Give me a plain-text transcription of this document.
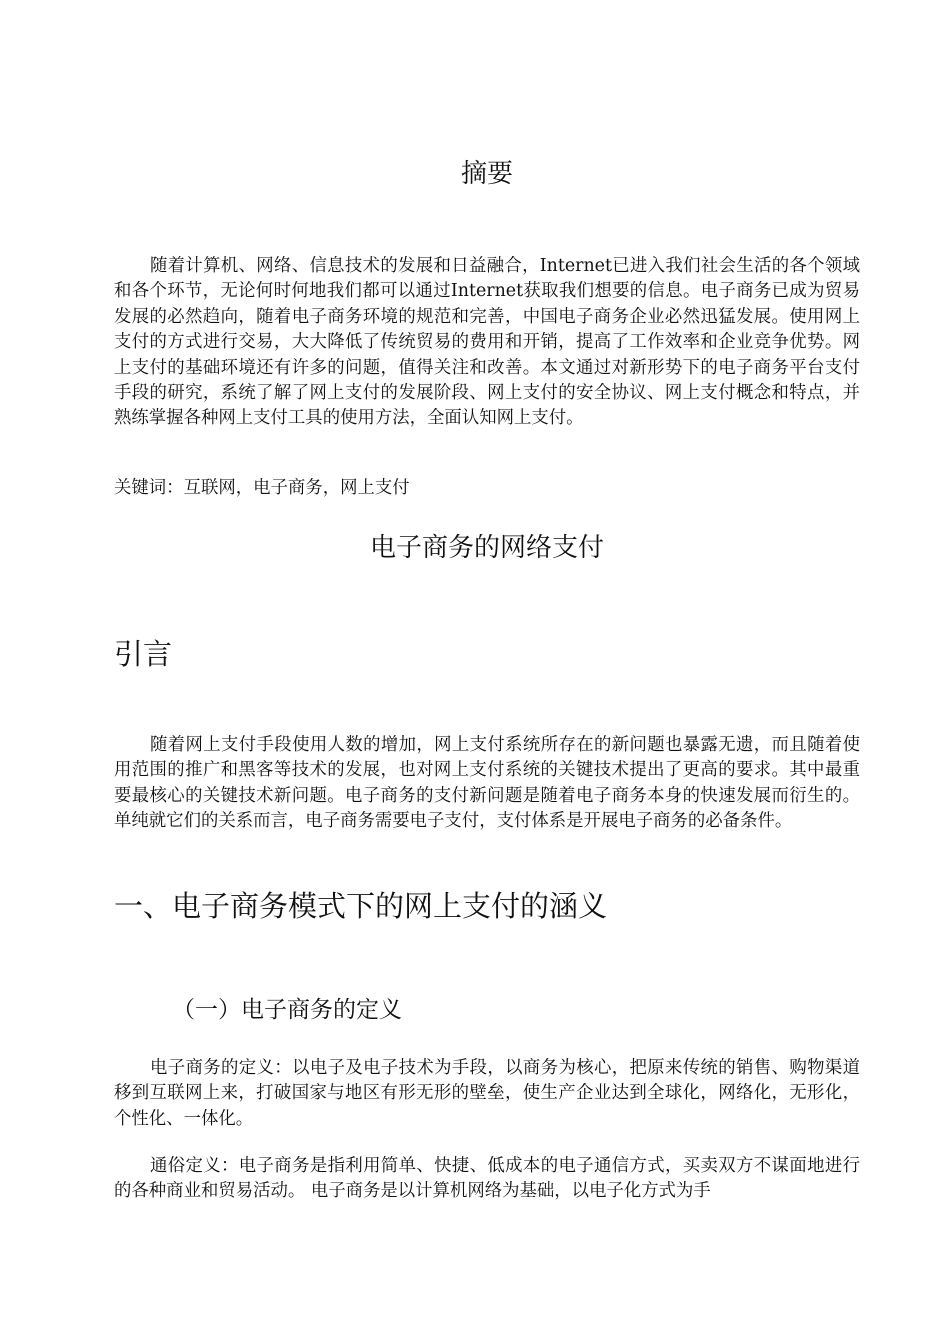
摘要

随着计算机、网络、信息技术的发展和日益融合，Internet已进入我们社会生活的各个领域和各个环节，无论何时何地我们都可以通过Internet获取我们想要的信息。电子商务已成为贸易发展的必然趋向，随着电子商务环境的规范和完善，中国电子商务企业必然迅猛发展。使用网上支付的方式进行交易，大大降低了传统贸易的费用和开销，提高了工作效率和企业竞争优势。网上支付的基础环境还有许多的问题，值得关注和改善。本文通过对新形势下的电子商务平台支付手段的研究，系统了解了网上支付的发展阶段、网上支付的安全协议、网上支付概念和特点，并熟练掌握各种网上支付工具的使用方法，全面认知网上支付。

关键词：互联网，电子商务，网上支付

电子商务的网络支付
引言

随着网上支付手段使用人数的增加，网上支付系统所存在的新问题也暴露无遗，而且随着使用范围的推广和黑客等技术的发展，也对网上支付系统的关键技术提出了更高的要求。其中最重要最核心的关键技术新问题。电子商务的支付新问题是随着电子商务本身的快速发展而衍生的。单纯就它们的关系而言，电子商务需要电子支付，支付体系是开展电子商务的必备条件。

一、电子商务模式下的网上支付的涵义
（一）电子商务的定义

电子商务的定义：以电子及电子技术为手段，以商务为核心，把原来传统的销售、购物渠道移到互联网上来，打破国家与地区有形无形的壁垒，使生产企业达到全球化，网络化，无形化，个性化、一体化。

通俗定义：电子商务是指利用简单、快捷、低成本的电子通信方式，买卖双方不谋面地进行的各种商业和贸易活动。 电子商务是以计算机网络为基础，以电子化方式为手
